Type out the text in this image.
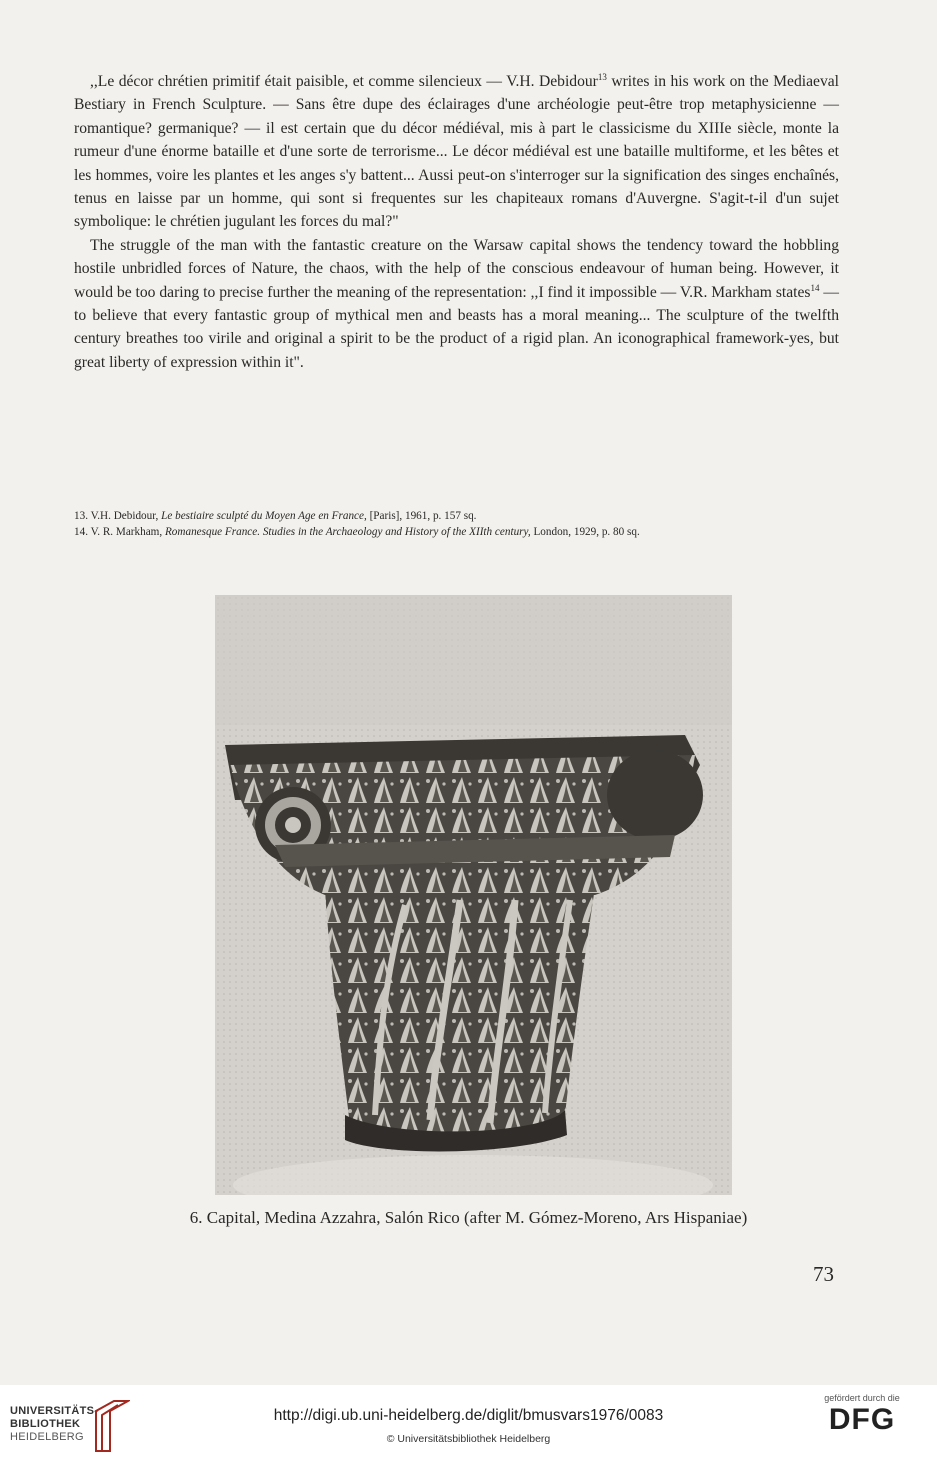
,,Le décor chrétien primitif était paisible, et comme silencieux — V.H. Debidour$^{13}$ writes in his work on the Mediaeval Bestiary in French Sculpture. — Sans être dupe des éclairages d'une archéologie peut-être trop metaphysicienne — romantique? germanique? — il est certain que du décor médiéval, mis à part le classicisme du XIIIe siècle, monte la rumeur d'une énorme bataille et d'une sorte de terrorisme... Le décor médiéval est une bataille multiforme, et les bêtes et les hommes, voire les plantes et les anges s'y battent... Aussi peut-on s'interroger sur la signification des singes enchaînés, tenus en laisse par un homme, qui sont si frequentes sur les chapiteaux romans d'Auvergne. S'agit-t-il d'un sujet symbolique: le chrétien jugulant les forces du mal?"

The struggle of the man with the fantastic creature on the Warsaw capital shows the tendency toward the hobbling hostile unbridled forces of Nature, the chaos, with the help of the conscious endeavour of human being. However, it would be too daring to precise further the meaning of the representation: ,,I find it impossible — V.R. Markham states$^{14}$ — to believe that every fantastic group of mythical men and beasts has a moral meaning... The sculpture of the twelfth century breathes too virile and original a spirit to be the product of a rigid plan. An iconographical framework-yes, but great liberty of expression within it".

13. V.H. Debidour, Le bestiaire sculpté du Moyen Age en France, [Paris], 1961, p. 157 sq.

14. V. R. Markham, Romanesque France. Studies in the Archaeology and History of the XIIth century, London, 1929, p. 80 sq.

6. Capital, Medina Azzahra, Salón Rico (after M. Gómez-Moreno, Ars Hispaniae)
73
UNIVERSITÄTS-
BIBLIOTHEK
HEIDELBERG
http://digi.ub.uni-heidelberg.de/diglit/bmusvars1976/0083
© Universitätsbibliothek Heidelberg
gefördert durch die
DFG
